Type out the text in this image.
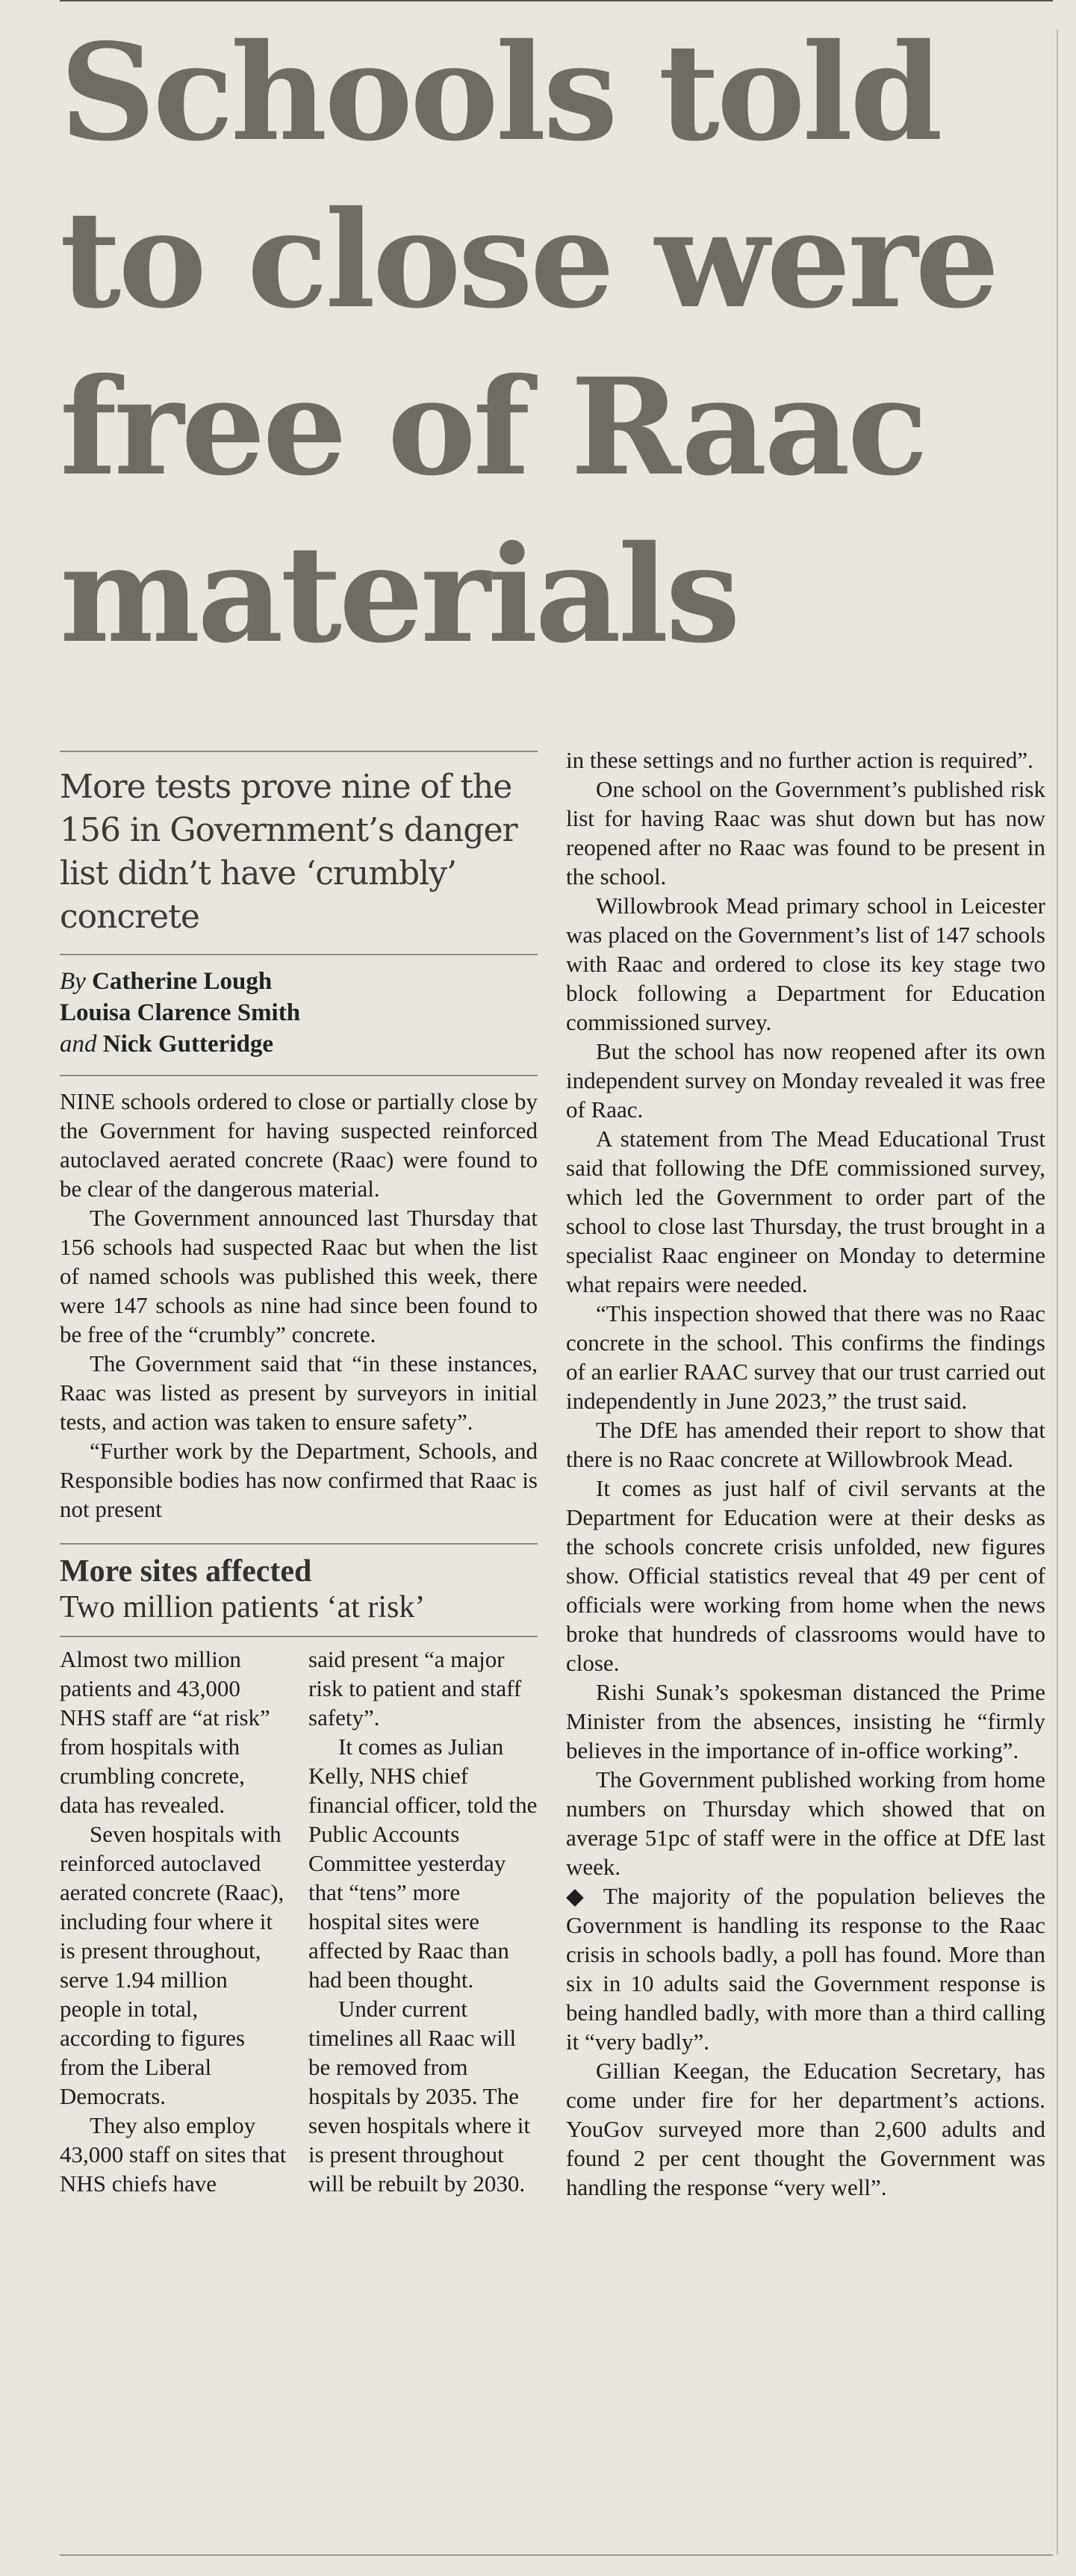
Schools told
to close were
free of Raac
materials
More tests prove nine of the 156 in Government’s danger list didn’t have ‘crumbly’ concrete
By Catherine Lough
Louisa Clarence Smith
and Nick Gutteridge

NINE schools ordered to close or partially close by the Government for having suspected reinforced autoclaved aerated concrete (Raac) were found to be clear of the dangerous material.

The Government announced last Thursday that 156 schools had suspected Raac but when the list of named schools was published this week, there were 147 schools as nine had since been found to be free of the “crumbly” concrete.

The Government said that “in these instances, Raac was listed as present by surveyors in initial tests, and action was taken to ensure safety”.

“Further work by the Department, Schools, and Responsible bodies has now confirmed that Raac is not present

More sites affected
Two million patients ‘at risk’

Almost two million patients and 43,000 NHS staff are “at risk” from hospitals with crumbling concrete, data has revealed.

Seven hospitals with reinforced autoclaved aerated concrete (Raac), including four where it is present throughout, serve 1.94 million people in total, according to figures from the Liberal Democrats.

They also employ 43,000 staff on sites that NHS chiefs have

said present “a major risk to patient and staff safety”.

It comes as Julian Kelly, NHS chief financial officer, told the Public Accounts Committee yesterday that “tens” more hospital sites were affected by Raac than had been thought.

Under current timelines all Raac will be removed from hospitals by 2035. The seven hospitals where it is present throughout will be rebuilt by 2030.

in these settings and no further action is required”.

One school on the Government’s published risk list for having Raac was shut down but has now reopened after no Raac was found to be present in the school.

Willowbrook Mead primary school in Leicester was placed on the Government’s list of 147 schools with Raac and ordered to close its key stage two block following a Department for Education commissioned survey.

But the school has now reopened after its own independent survey on Monday revealed it was free of Raac.

A statement from The Mead Educational Trust said that following the DfE commissioned survey, which led the Government to order part of the school to close last Thursday, the trust brought in a specialist Raac engineer on Monday to determine what repairs were needed.

“This inspection showed that there was no Raac concrete in the school. This confirms the findings of an earlier RAAC survey that our trust carried out independently in June 2023,” the trust said.

The DfE has amended their report to show that there is no Raac concrete at Willowbrook Mead.

It comes as just half of civil servants at the Department for Education were at their desks as the schools concrete crisis unfolded, new figures show. Official statistics reveal that 49 per cent of officials were working from home when the news broke that hundreds of classrooms would have to close.

Rishi Sunak’s spokesman distanced the Prime Minister from the absences, insisting he “firmly believes in the importance of in-office working”.

The Government published working from home numbers on Thursday which showed that on average 51pc of staff were in the office at DfE last week.

◆ The majority of the population believes the Government is handling its response to the Raac crisis in schools badly, a poll has found. More than six in 10 adults said the Government response is being handled badly, with more than a third calling it “very badly”.

Gillian Keegan, the Education Secretary, has come under fire for her department’s actions. YouGov surveyed more than 2,600 adults and found 2 per cent thought the Government was handling the response “very well”.
